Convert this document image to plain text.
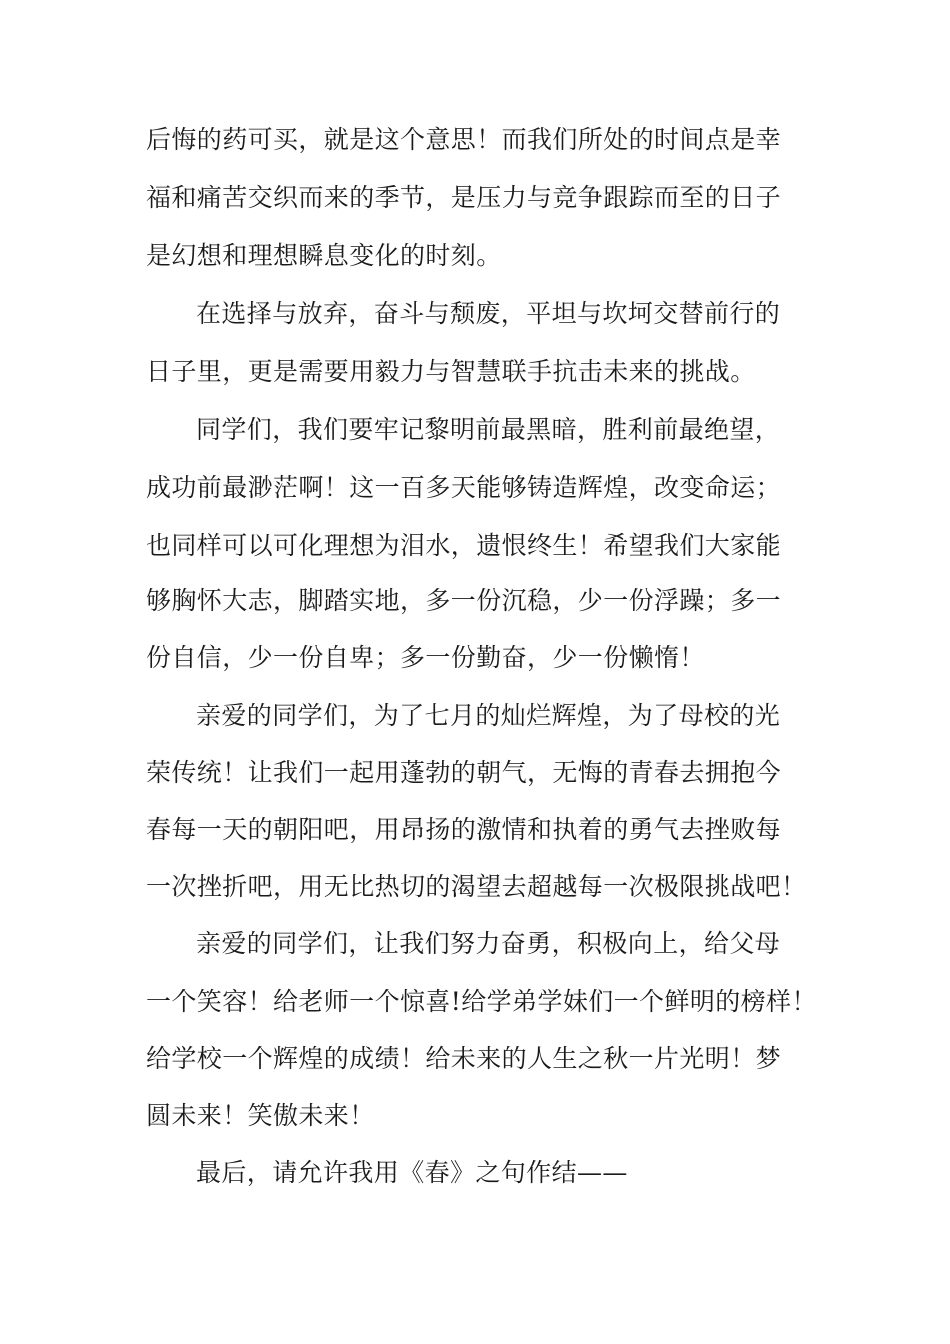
后悔的药可买，就是这个意思！而我们所处的时间点是幸
福和痛苦交织而来的季节，是压力与竞争跟踪而至的日子
是幻想和理想瞬息变化的时刻。
在选择与放弃，奋斗与颓废，平坦与坎坷交替前行的
日子里，更是需要用毅力与智慧联手抗击未来的挑战。
同学们，我们要牢记黎明前最黑暗，胜利前最绝望，
成功前最渺茫啊！这一百多天能够铸造辉煌，改变命运；
也同样可以可化理想为泪水，遗恨终生！希望我们大家能
够胸怀大志，脚踏实地，多一份沉稳，少一份浮躁；多一
份自信，少一份自卑；多一份勤奋，少一份懒惰！
亲爱的同学们，为了七月的灿烂辉煌，为了母校的光
荣传统！让我们一起用蓬勃的朝气，无悔的青春去拥抱今
春每一天的朝阳吧，用昂扬的激情和执着的勇气去挫败每
一次挫折吧，用无比热切的渴望去超越每一次极限挑战吧！
亲爱的同学们，让我们努力奋勇，积极向上，给父母
一个笑容！给老师一个惊喜!给学弟学妹们一个鲜明的榜样！
给学校一个辉煌的成绩！给未来的人生之秋一片光明！梦
圆未来！笑傲未来！
最后，请允许我用《春》之句作结——
